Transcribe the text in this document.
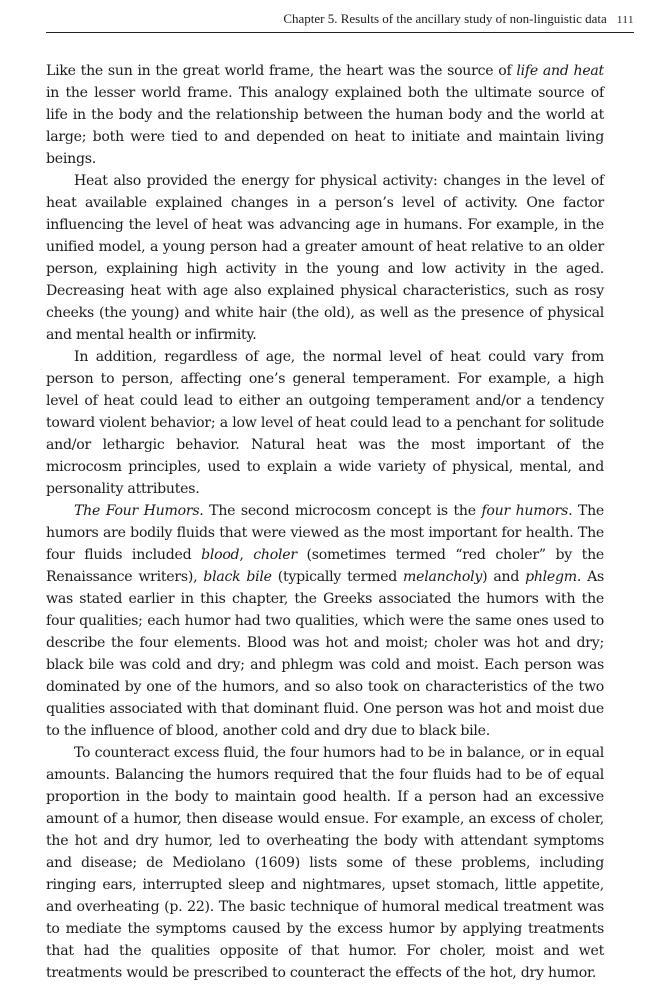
Chapter 5. Results of the ancillary study of non-linguistic data 111

Like the sun in the great world frame, the heart was the source of life and heat in the lesser world frame. This analogy explained both the ultimate source of life in the body and the relationship between the human body and the world at large; both were tied to and depended on heat to initiate and maintain living beings.

Heat also provided the energy for physical activity: changes in the level of heat available explained changes in a person’s level of activity. One factor influencing the level of heat was advancing age in humans. For example, in the unified model, a young person had a greater amount of heat relative to an older person, explaining high activity in the young and low activity in the aged. Decreasing heat with age also explained physical characteristics, such as rosy cheeks (the young) and white hair (the old), as well as the presence of physical and mental health or infirmity.

In addition, regardless of age, the normal level of heat could vary from person to person, affecting one’s general temperament. For example, a high level of heat could lead to either an outgoing temperament and/or a tendency toward violent behavior; a low level of heat could lead to a penchant for solitude and/or lethargic behavior. Natural heat was the most important of the microcosm principles, used to explain a wide variety of physical, mental, and personality attributes.

The Four Humors. The second microcosm concept is the four humors. The humors are bodily fluids that were viewed as the most important for health. The four fluids included blood, choler (sometimes termed “red choler” by the Renaissance writers), black bile (typically termed melancholy) and phlegm. As was stated earlier in this chapter, the Greeks associated the humors with the four qualities; each humor had two qualities, which were the same ones used to describe the four elements. Blood was hot and moist; choler was hot and dry; black bile was cold and dry; and phlegm was cold and moist. Each person was dominated by one of the humors, and so also took on characteristics of the two qualities associated with that dominant fluid. One person was hot and moist due to the influence of blood, another cold and dry due to black bile.

To counteract excess fluid, the four humors had to be in balance, or in equal amounts. Balancing the humors required that the four fluids had to be of equal proportion in the body to maintain good health. If a person had an excessive amount of a humor, then disease would ensue. For example, an excess of choler, the hot and dry humor, led to overheating the body with attendant symptoms and disease; de Mediolano (1609) lists some of these problems, including ringing ears, interrupted sleep and nightmares, upset stomach, little appetite, and overheating (p. 22). The basic technique of humoral medical treatment was to mediate the symptoms caused by the excess humor by applying treatments that had the qualities opposite of that humor. For choler, moist and wet treatments would be prescribed to counteract the effects of the hot, dry humor.
